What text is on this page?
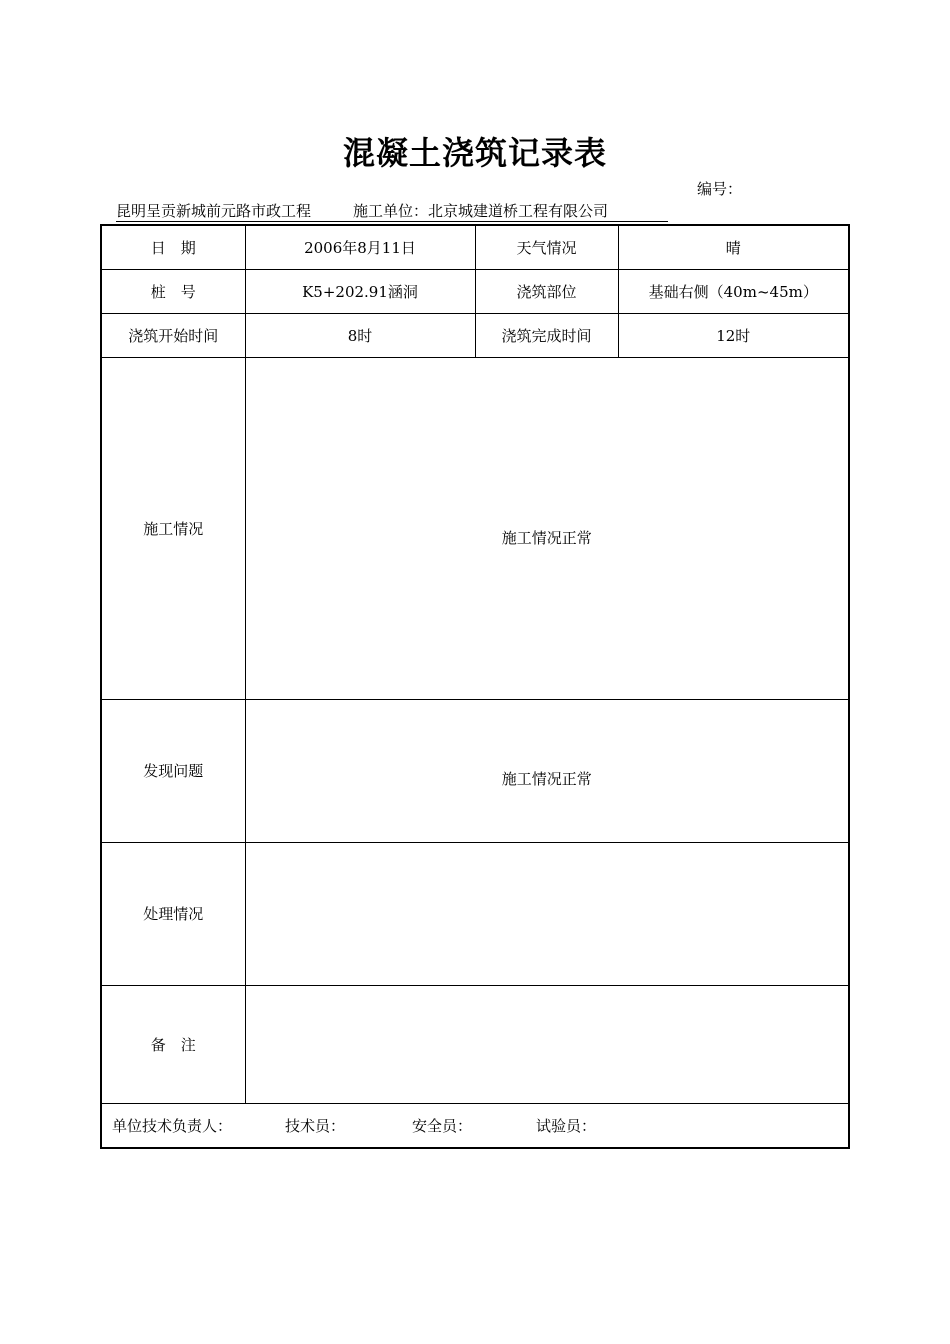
混凝土浇筑记录表
编号：
昆明呈贡新城前元路市政工程	施工单位：北京城建道桥工程有限公司
日　期	2006年8月11日	天气情况	晴
桩　号	K5+202.91涵洞	浇筑部位	基础右侧（40m~45m）
浇筑开始时间	8时	浇筑完成时间	12时
施工情况	施工情况正常		
发现问题	施工情况正常		
处理情况			
备　注			
单位技术负责人： 技术员： 安全员： 试验员：			
